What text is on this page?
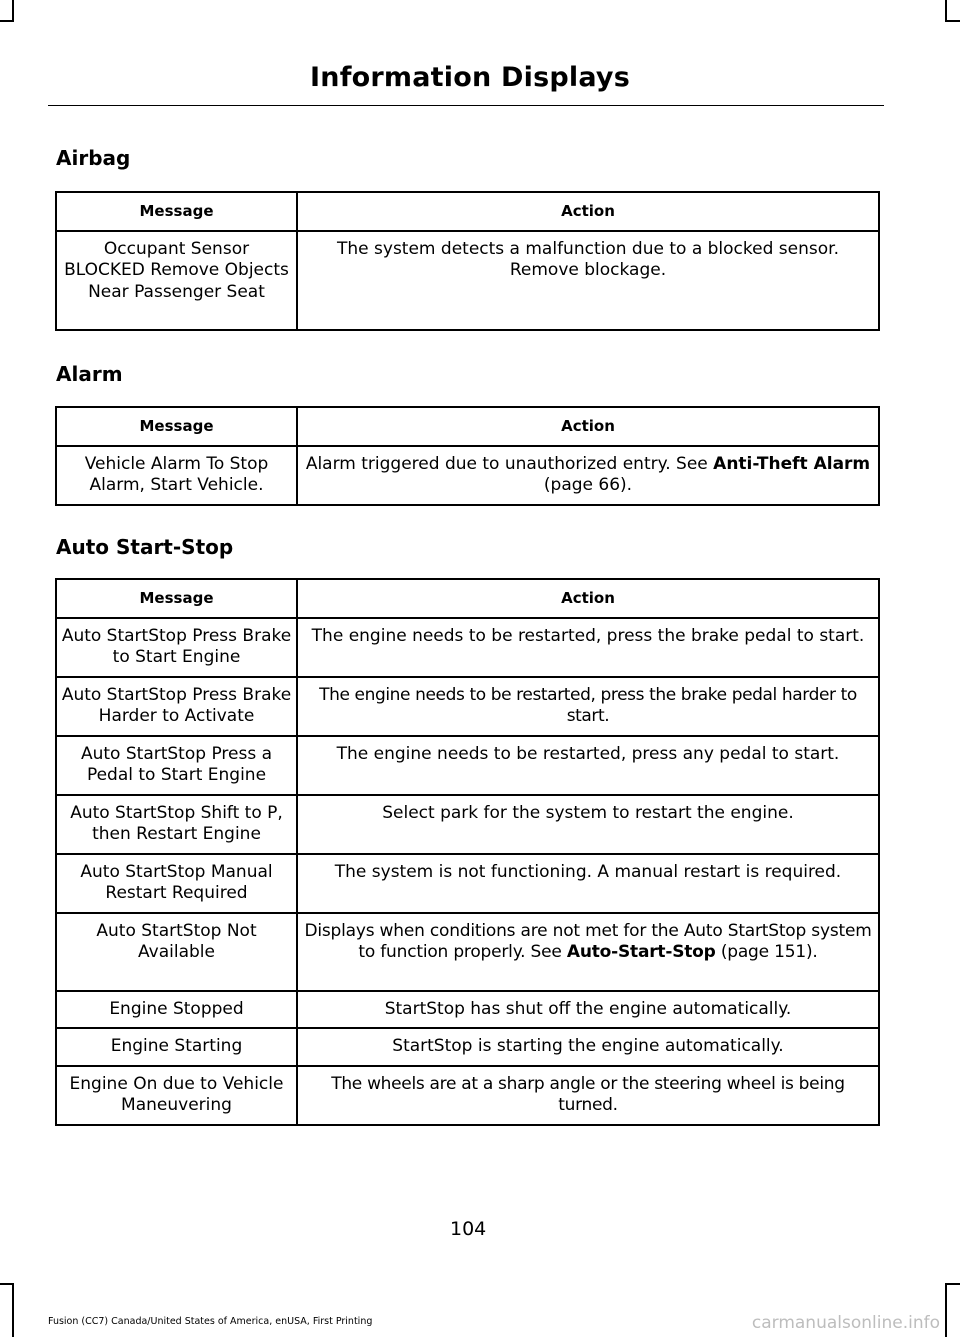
Information Displays
Airbag
Message	Action
Occupant Sensor BLOCKED Remove Objects Near Passenger Seat	The system detects a malfunction due to a blocked sensor. Remove blockage.
Alarm
Message	Action
Vehicle Alarm To Stop Alarm, Start Vehicle.	Alarm triggered due to unauthorized entry. See Anti-Theft Alarm (page 66).
Auto Start-Stop
Message	Action
Auto StartStop Press Brake to Start Engine	The engine needs to be restarted, press the brake pedal to start.
Auto StartStop Press Brake Harder to Activate	The engine needs to be restarted, press the brake pedal harder to start.
Auto StartStop Press a Pedal to Start Engine	The engine needs to be restarted, press any pedal to start.
Auto StartStop Shift to P, then Restart Engine	Select park for the system to restart the engine.
Auto StartStop Manual Restart Required	The system is not functioning. A manual restart is required.
Auto StartStop Not Available	Displays when conditions are not met for the Auto StartStop system to function properly. See Auto-Start-Stop (page 151).
Engine Stopped	StartStop has shut off the engine automatically.
Engine Starting	StartStop is starting the engine automatically.
Engine On due to Vehicle Maneuvering	The wheels are at a sharp angle or the steering wheel is being turned.
104
Fusion (CC7) Canada/United States of America, enUSA, First Printing	carmanualsonline.info
